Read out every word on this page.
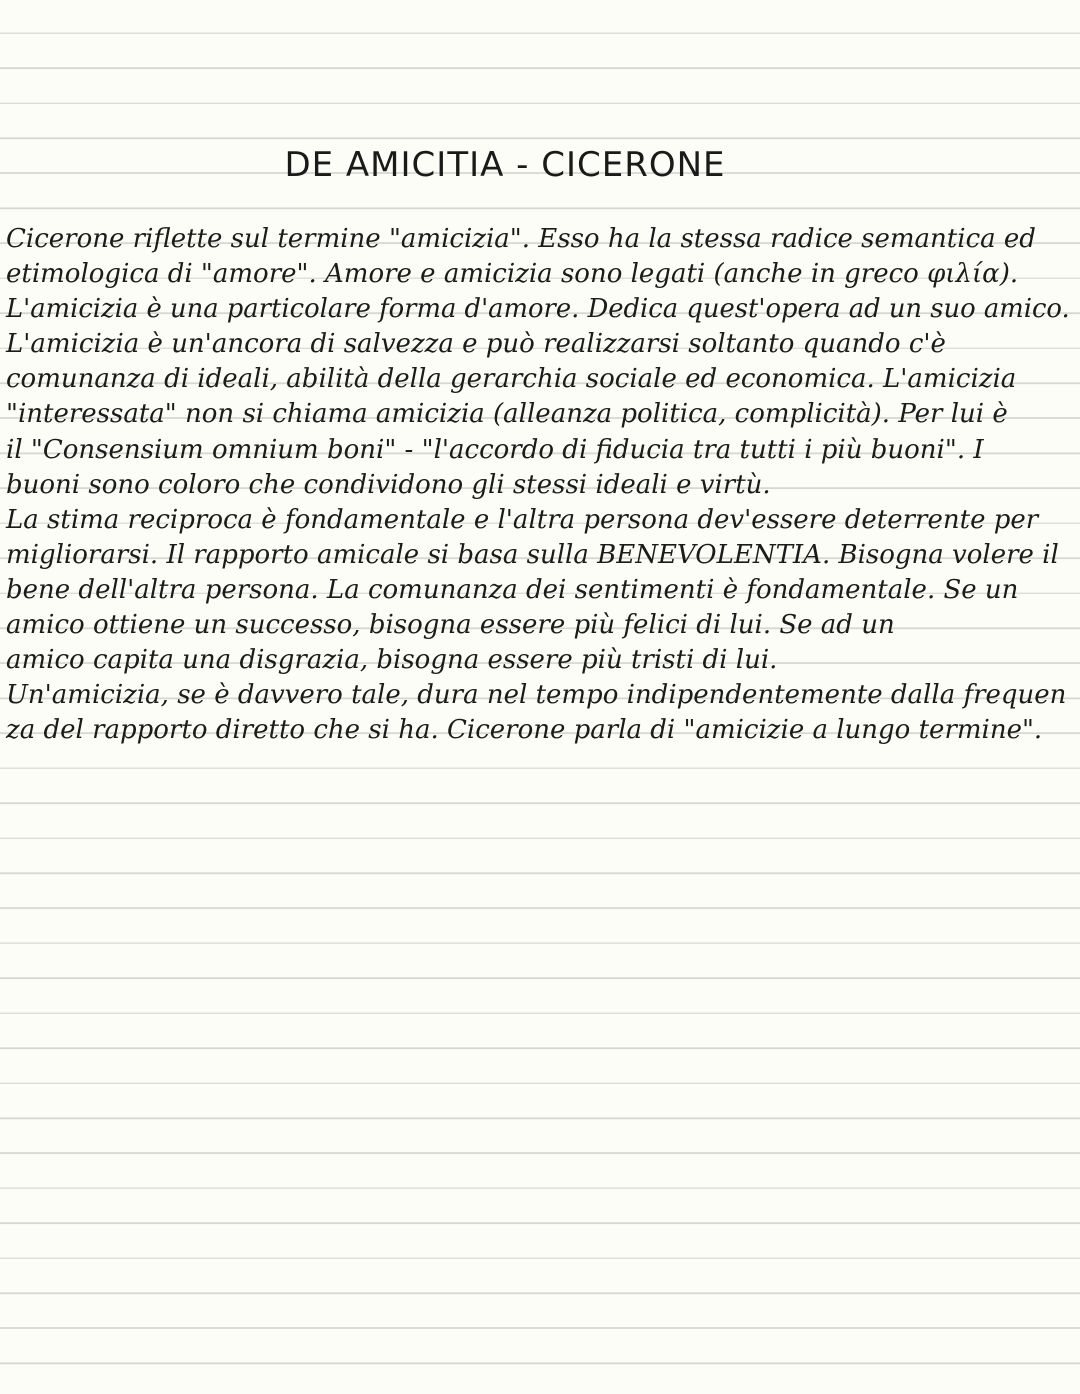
DE AMICITIA - CICERONE
Cicerone riflette sul termine "amicizia". Esso ha la stessa radice semantica ed
etimologica di "amore". Amore e amicizia sono legati (anche in greco φιλία).
L'amicizia è una particolare forma d'amore. Dedica quest'opera ad un suo amico.
L'amicizia è un'ancora di salvezza e può realizzarsi soltanto quando c'è
comunanza di ideali, abilità della gerarchia sociale ed economica. L'amicizia
"interessata" non si chiama amicizia (alleanza politica, complicità). Per lui è
il "Consensium omnium boni" - "l'accordo di fiducia tra tutti i più buoni". I
buoni sono coloro che condividono gli stessi ideali e virtù.
La stima reciproca è fondamentale e l'altra persona dev'essere deterrente per
migliorarsi. Il rapporto amicale si basa sulla BENEVOLENTIA. Bisogna volere il
bene dell'altra persona. La comunanza dei sentimenti è fondamentale. Se un
amico ottiene un successo, bisogna essere più felici di lui. Se ad un
amico capita una disgrazia, bisogna essere più tristi di lui.
Un'amicizia, se è davvero tale, dura nel tempo indipendentemente dalla frequen
za del rapporto diretto che si ha. Cicerone parla di "amicizie a lungo termine".
